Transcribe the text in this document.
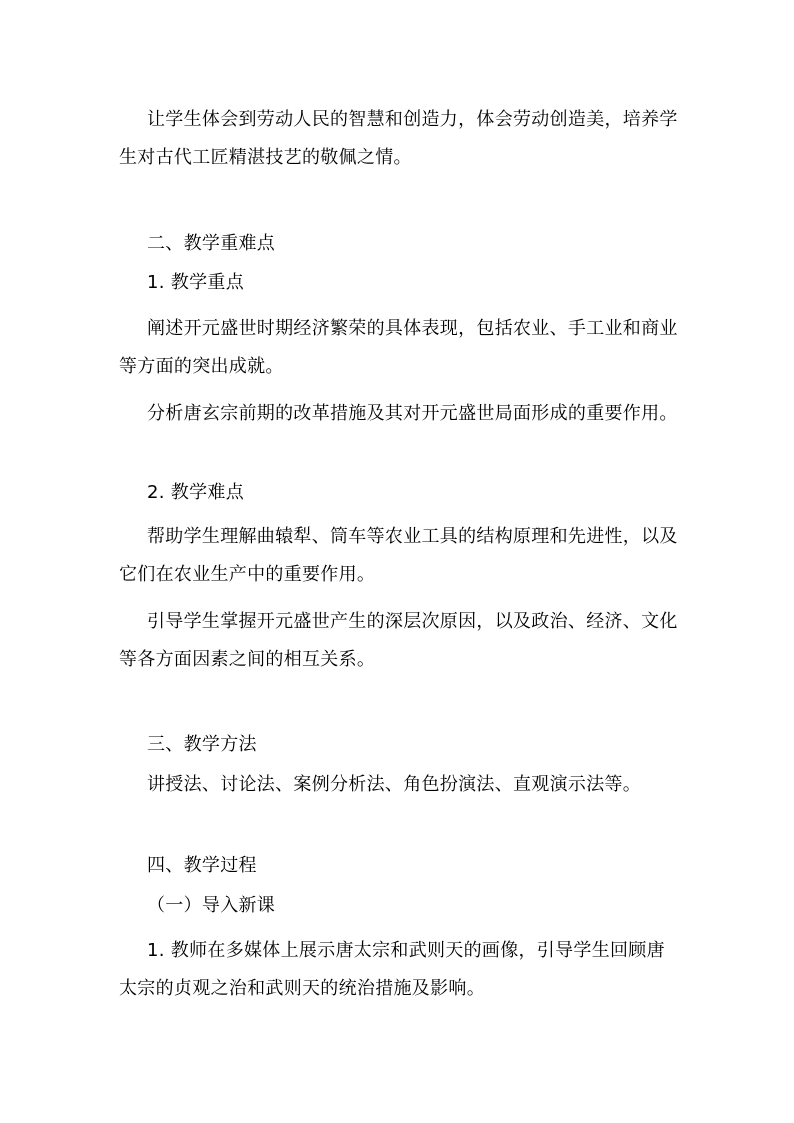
让学生体会到劳动人民的智慧和创造力，体会劳动创造美，培养学生对古代工匠精湛技艺的敬佩之情。

二、教学重难点

1. 教学重点

阐述开元盛世时期经济繁荣的具体表现，包括农业、手工业和商业等方面的突出成就。

分析唐玄宗前期的改革措施及其对开元盛世局面形成的重要作用。

2. 教学难点

帮助学生理解曲辕犁、筒车等农业工具的结构原理和先进性，以及它们在农业生产中的重要作用。

引导学生掌握开元盛世产生的深层次原因，以及政治、经济、文化等各方面因素之间的相互关系。

三、教学方法

讲授法、讨论法、案例分析法、角色扮演法、直观演示法等。

四、教学过程

（一）导入新课

1. 教师在多媒体上展示唐太宗和武则天的画像，引导学生回顾唐太宗的贞观之治和武则天的统治措施及影响。
